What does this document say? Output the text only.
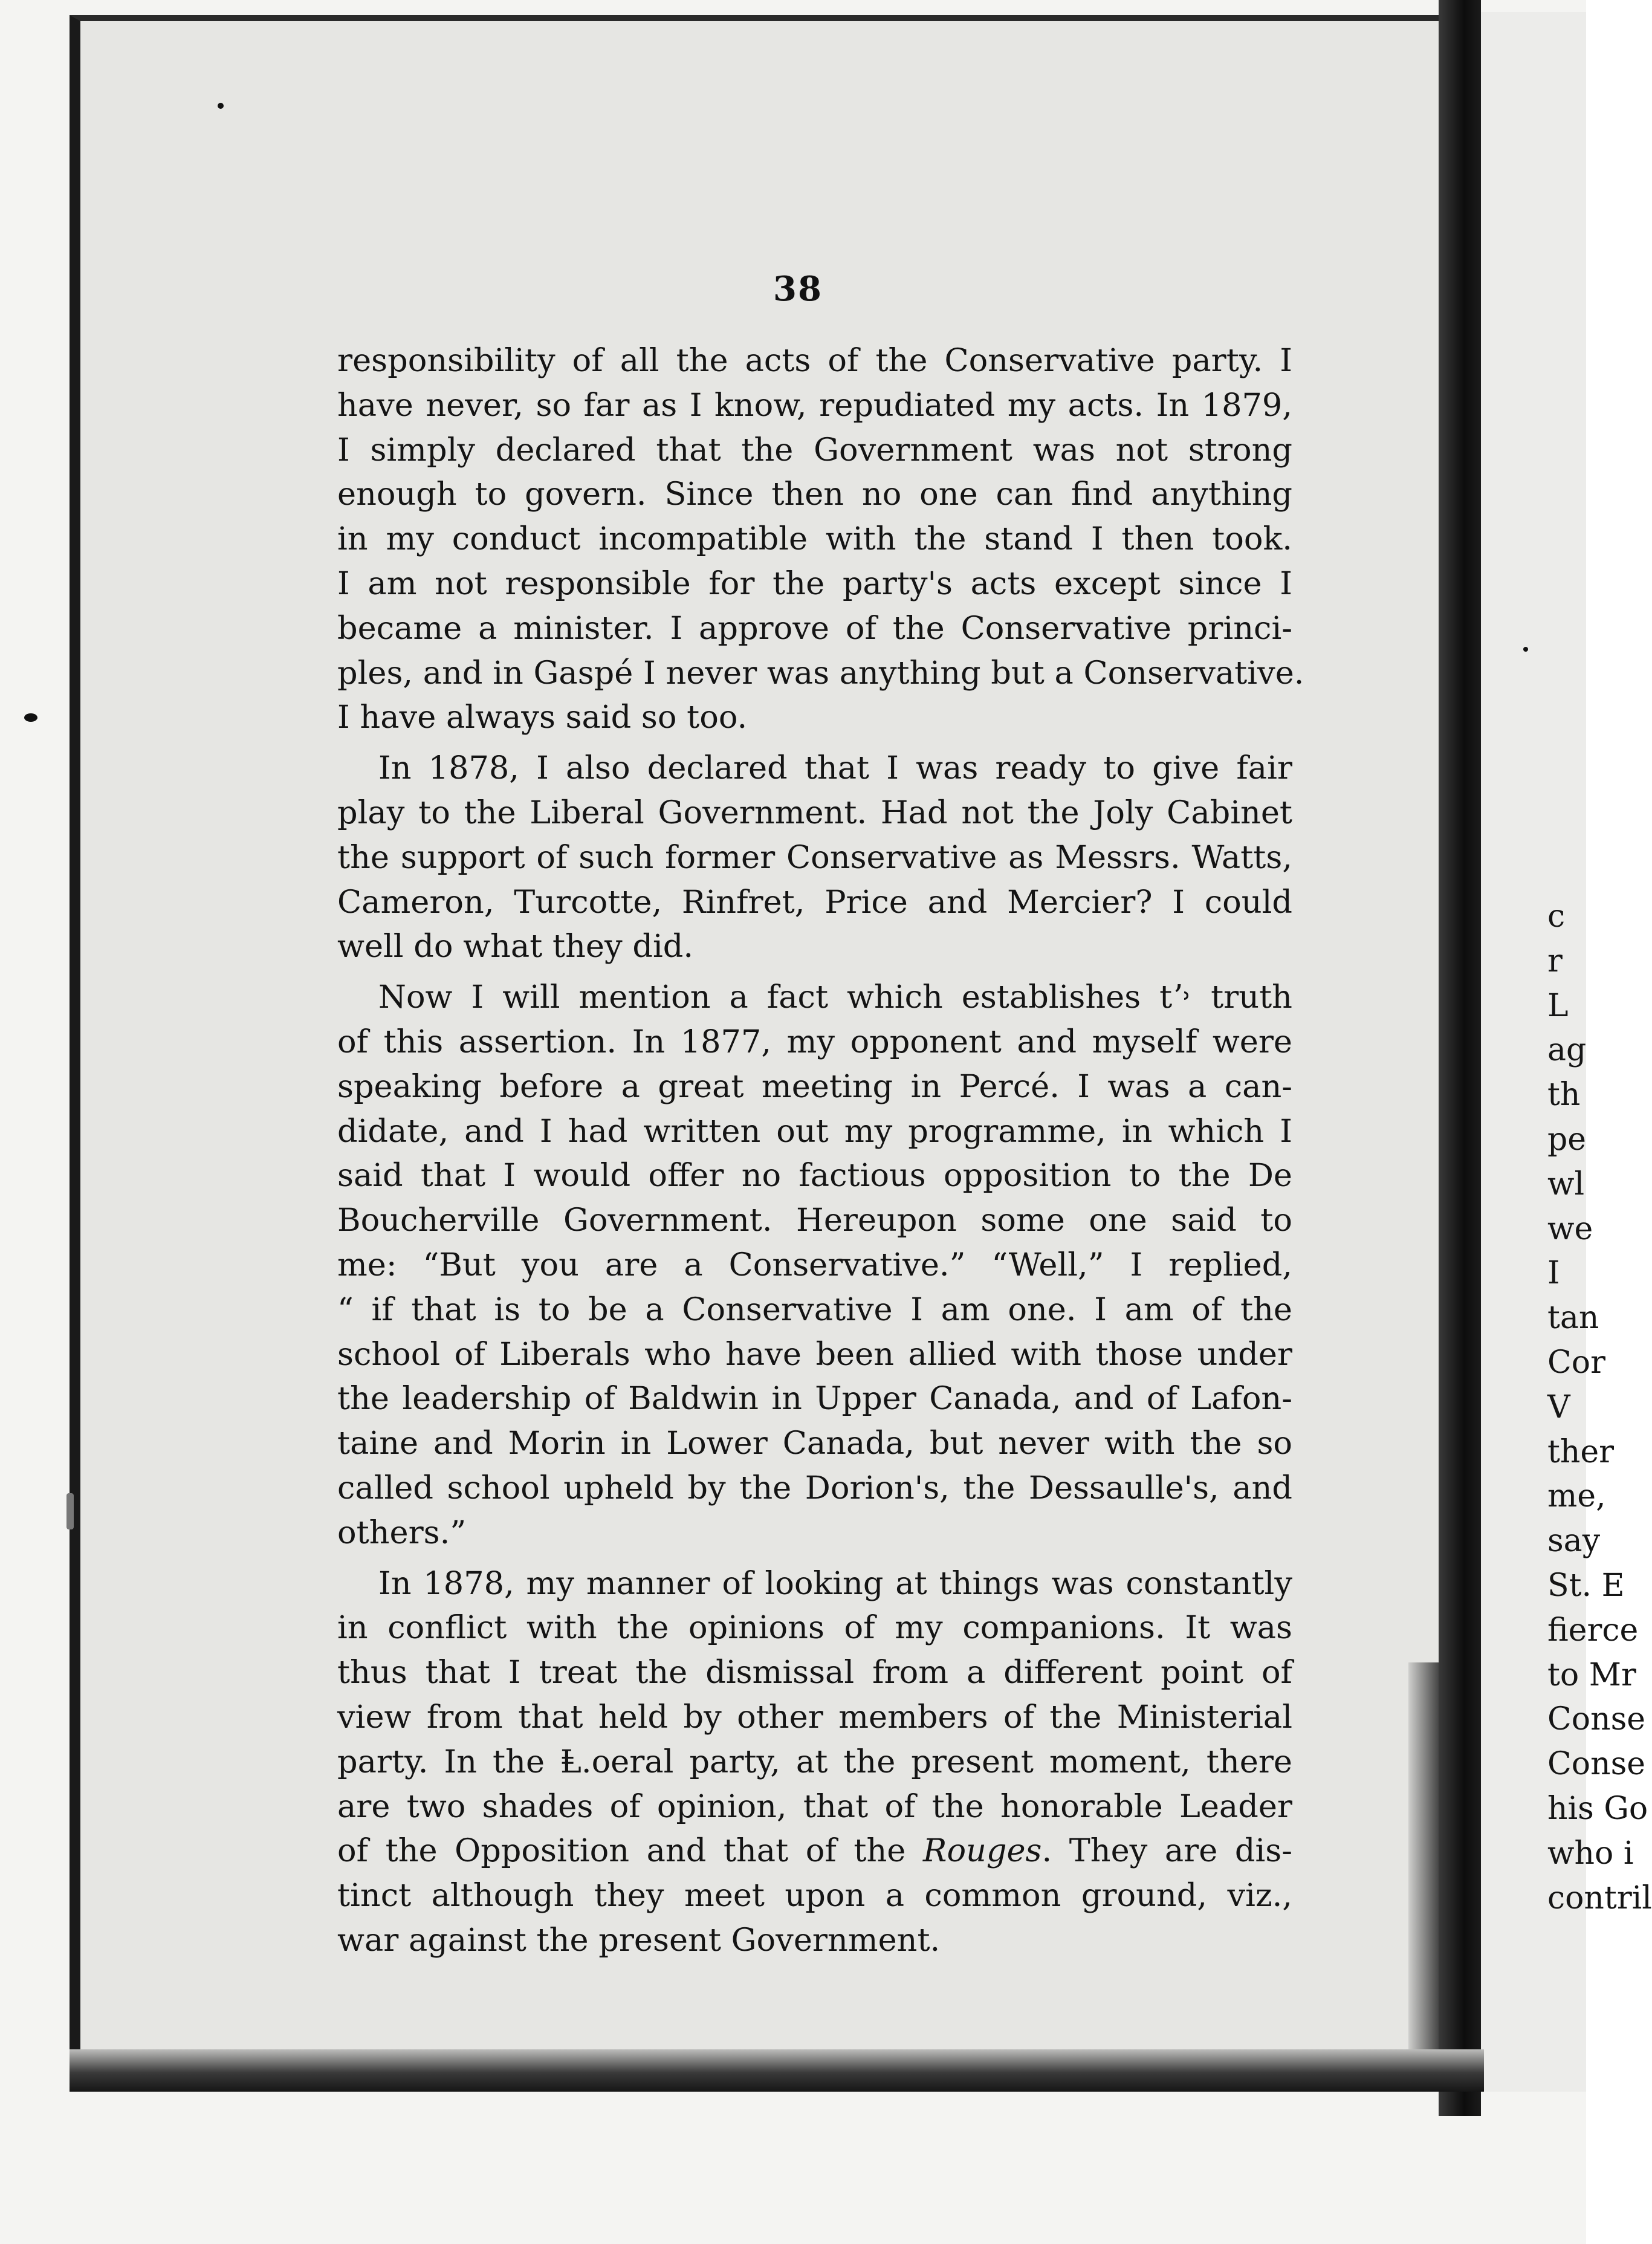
38

responsibility of all the acts of the Conservative party. I
have never, so far as I know, repudiated my acts. In 1879,
I simply declared that the Government was not strong
enough to govern. Since then no one can find anything
in my conduct incompatible with the stand I then took.
I am not responsible for the party's acts except since I
became a minister. I approve of the Conservative princi-
ples, and in Gaspé I never was anything but a Conservative.
I have always said so too.

In 1878, I also declared that I was ready to give fair
play to the Liberal Government. Had not the Joly Cabinet
the support of such former Conservative as Messrs. Watts,
Cameron, Turcotte, Rinfret, Price and Mercier? I could
well do what they did.

Now I will mention a fact which establishes tʼ˒ truth
of this assertion. In 1877, my opponent and myself were
speaking before a great meeting in Percé. I was a can-
didate, and I had written out my programme, in which I
said that I would offer no factious opposition to the De
Boucherville Government. Hereupon some one said to
me: “But you are a Conservative.” “Well,” I replied,
“ if that is to be a Conservative I am one. I am of the
school of Liberals who have been allied with those under
the leadership of Baldwin in Upper Canada, and of Lafon-
taine and Morin in Lower Canada, but never with the so
called school upheld by the Dorion's, the Dessaulle's, and
others.”

In 1878, my manner of looking at things was constantly
in conflict with the opinions of my companions. It was
thus that I treat the dismissal from a different point of
view from that held by other members of the Ministerial
party. In the Ⱡ.oeral party, at the present moment, there
are two shades of opinion, that of the honorable Leader
of the Opposition and that of the Rouges. They are dis-
tinct although they meet upon a common ground, viz.,
war against the present Government.

c
r
L
ag
th
pe
wl
we
I
tan
Cor
V
ther
me,
say
St. E
fierce
to Mr
Conse
Conse
his Go
who i
contril
